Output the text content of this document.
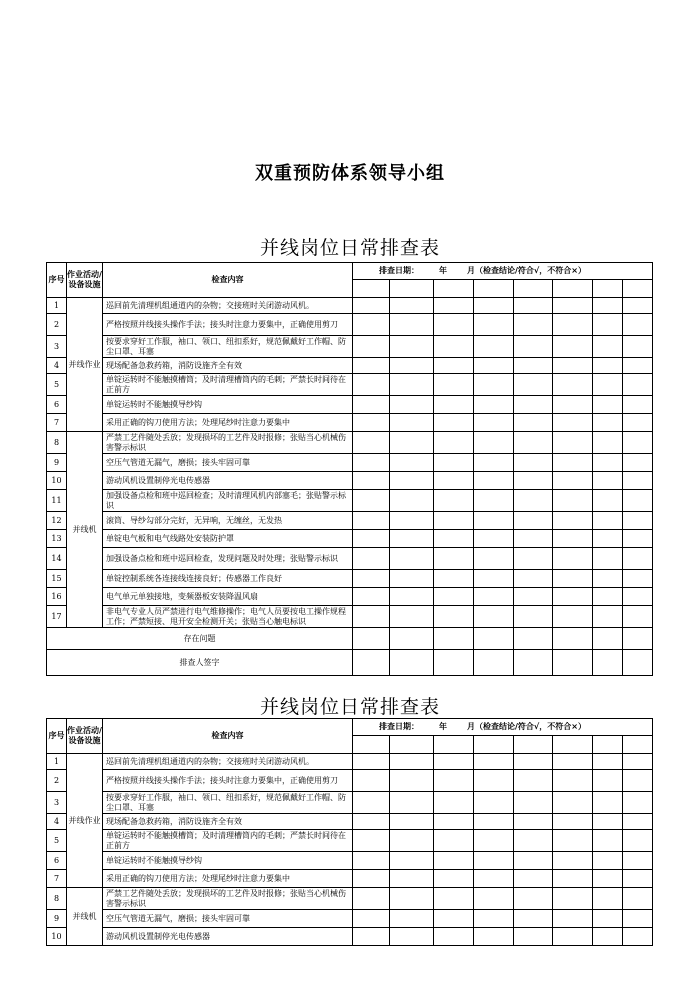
双重预防体系领导小组
并线岗位日常排查表
序号	作业活动/设备设施	检查内容	排查日期： 年 月（检查结论/符合√，不符合×）							

1	并线作业	巡回前先清理机组通道内的杂物；交接班时关闭游动风机。								
2		严格按照并线接头操作手法；接头时注意力要集中，正确使用剪刀								
3		按要求穿好工作服，袖口、领口、纽扣系好，规范佩戴好工作帽、防尘口罩、耳塞								
4		现场配备急救药箱，消防设施齐全有效								
5		单锭运转时不能触摸槽筒；及时清理槽筒内的毛刺；严禁长时间待在正前方								
6		单锭运转时不能触摸导纱钩								
7		采用正确的钩刀使用方法；处理尾纱时注意力要集中								
8	并线机	严禁工艺件随处丢放；发现损坏的工艺件及时报修；张贴当心机械伤害警示标识								
9		空压气管道无漏气，磨损；接头牢固可靠								
10		游动风机设置制停光电传感器								
11		加强设备点检和班中巡回检查；及时清理风机内部塞毛；张贴警示标识								
12		滚筒、导纱勾部分完好，无异响，无缠丝，无发热								
13		单锭电气板和电气线路处安装防护罩								
14		加强设备点检和班中巡回检查，发现问题及时处理；张贴警示标识								
15		单锭控制系统各连接线连接良好；传感器工作良好								
16		电气单元单独接地，变频器板安装降温风扇								
17		非电气专业人员严禁进行电气维修操作；电气人员要按电工操作规程工作；严禁短接、甩开安全检测开关；张贴当心触电标识								
存在问题										
排查人签字										
并线岗位日常排查表
序号	作业活动/设备设施	检查内容	排查日期： 年 月（检查结论/符合√，不符合×）							

1	并线作业	巡回前先清理机组通道内的杂物；交接班时关闭游动风机。								
2		严格按照并线接头操作手法；接头时注意力要集中，正确使用剪刀								
3		按要求穿好工作服，袖口、领口、纽扣系好，规范佩戴好工作帽、防尘口罩、耳塞								
4		现场配备急救药箱，消防设施齐全有效								
5		单锭运转时不能触摸槽筒；及时清理槽筒内的毛刺；严禁长时间待在正前方								
6		单锭运转时不能触摸导纱钩								
7		采用正确的钩刀使用方法；处理尾纱时注意力要集中								
8	并线机	严禁工艺件随处丢放；发现损坏的工艺件及时报修；张贴当心机械伤害警示标识								
9		空压气管道无漏气，磨损；接头牢固可靠								
10		游动风机设置制停光电传感器								
